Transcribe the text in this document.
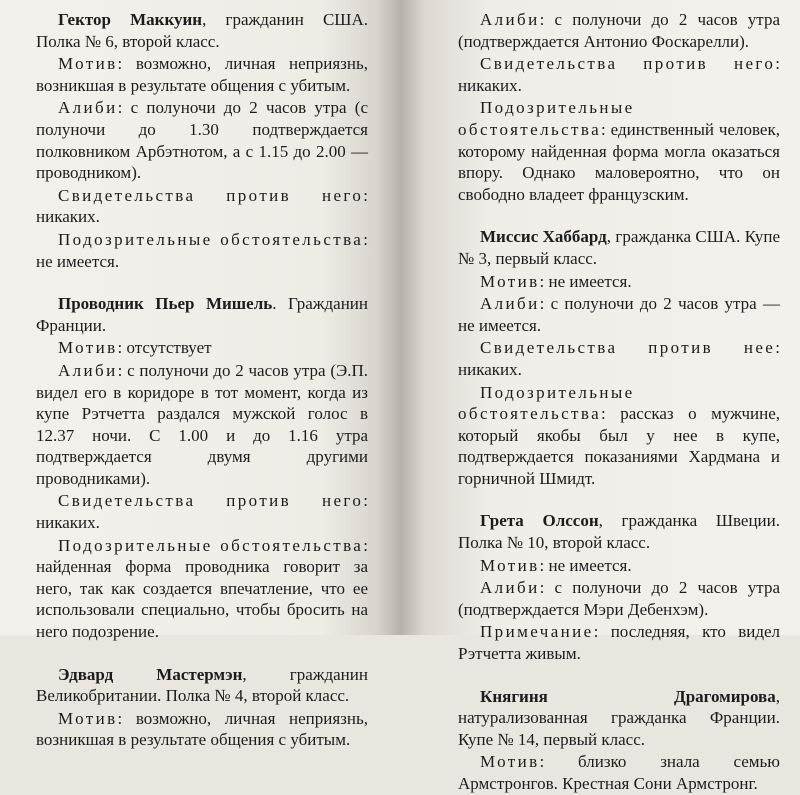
Гектор Маккуин, гражданин США. Полка № 6, второй класс.

Мотив: возможно, личная неприязнь, возникшая в результате общения с убитым.

Алиби: с полуночи до 2 часов утра (с полуночи до 1.30 подтверждается полковником Арбэтнотом, а с 1.15 до 2.00 — проводником).

Свидетельства против него: никаких.

Подозрительные обстоятельства: не имеется.

Проводник Пьер Мишель. Гражданин Франции.

Мотив: отсутствует

Алиби: с полуночи до 2 часов утра (Э.П. видел его в коридоре в тот момент, когда из купе Рэтчетта раздался мужской голос в 12.37 ночи. С 1.00 и до 1.16 утра подтверждается двумя другими проводниками).

Свидетельства против него: никаких.

Подозрительные обстоятельства: найденная форма проводника говорит за него, так как создается впечатление, что ее использовали специально, чтобы бросить на него подозрение.

Эдвард Мастермэн, гражданин Великобритании. Полка № 4, второй класс.

Мотив: возможно, личная неприязнь, возникшая в результате общения с убитым.

Алиби: с полуночи до 2 часов утра (подтверждается Антонио Фоскарелли).

Свидетельства против него: никаких.

Подозрительные обстоятельства: единственный человек, которому найденная форма могла оказаться впору. Однако маловероятно, что он свободно владеет французским.

Миссис Хаббард, гражданка США. Купе № 3, первый класс.

Мотив: не имеется.

Алиби: с полуночи до 2 часов утра — не имеется.

Свидетельства против нее: никаких.

Подозрительные обстоятельства: рассказ о мужчине, который якобы был у нее в купе, подтверждается показаниями Хардмана и горничной Шмидт.

Грета Олссон, гражданка Швеции. Полка № 10, второй класс.

Мотив: не имеется.

Алиби: с полуночи до 2 часов утра (подтверждается Мэри Дебенхэм).

Примечание: последняя, кто видел Рэтчетта живым.

Княгиня Драгомирова, натурализованная гражданка Франции. Купе № 14, первый класс.

Мотив: близко знала семью Армстронгов. Крестная Сони Армстронг.
